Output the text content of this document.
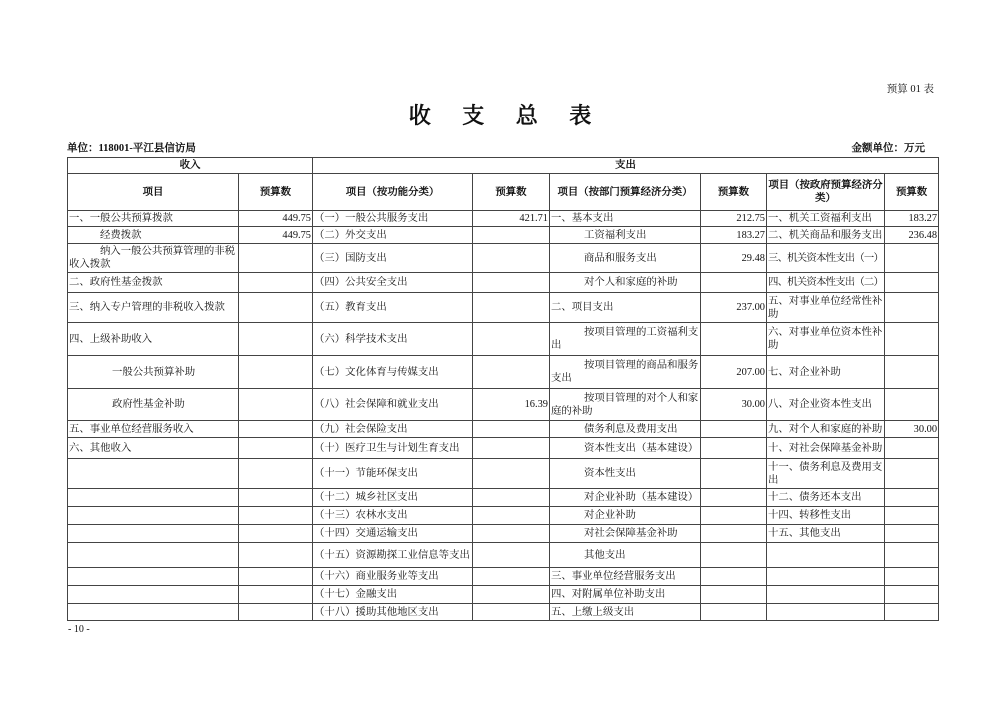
预算 01 表
收 支 总 表
单位：118001-平江县信访局	金额单位：万元
收入		支出					
项目	预算数	项目（按功能分类）	预算数	项目（按部门预算经济分类）	预算数	项目（按政府预算经济分类）	预算数
一、一般公共预算拨款	449.75	（一）一般公共服务支出	421.71	一、基本支出	212.75	一、机关工资福利支出	183.27
经费拨款	449.75	（二）外交支出		工资福利支出	183.27	二、机关商品和服务支出	236.48
纳入一般公共预算管理的非税收入拨款		（三）国防支出		商品和服务支出	29.48	三、机关资本性支出（一）	
二、政府性基金拨款		（四）公共安全支出		对个人和家庭的补助		四、机关资本性支出（二）	
三、纳入专户管理的非税收入拨款		（五）教育支出		二、项目支出	237.00	五、对事业单位经常性补助	
四、上级补助收入		（六）科学技术支出		按项目管理的工资福利支出		六、对事业单位资本性补助	
一般公共预算补助		（七）文化体育与传媒支出		按项目管理的商品和服务支出	207.00	七、对企业补助	
政府性基金补助		（八）社会保障和就业支出	16.39	按项目管理的对个人和家庭的补助	30.00	八、对企业资本性支出	
五、事业单位经营服务收入		（九）社会保险支出		债务利息及费用支出		九、对个人和家庭的补助	30.00
六、其他收入		（十）医疗卫生与计划生育支出		资本性支出（基本建设）		十、对社会保障基金补助	
		（十一）节能环保支出		资本性支出		十一、债务利息及费用支出	
		（十二）城乡社区支出		对企业补助（基本建设）		十二、债务还本支出	
		（十三）农林水支出		对企业补助		十四、转移性支出	
		（十四）交通运输支出		对社会保障基金补助		十五、其他支出	
		（十五）资源勘探工业信息等支出		其他支出			
		（十六）商业服务业等支出		三、事业单位经营服务支出			
		（十七）金融支出		四、对附属单位补助支出			
		（十八）援助其他地区支出		五、上缴上级支出			
- 10 -
